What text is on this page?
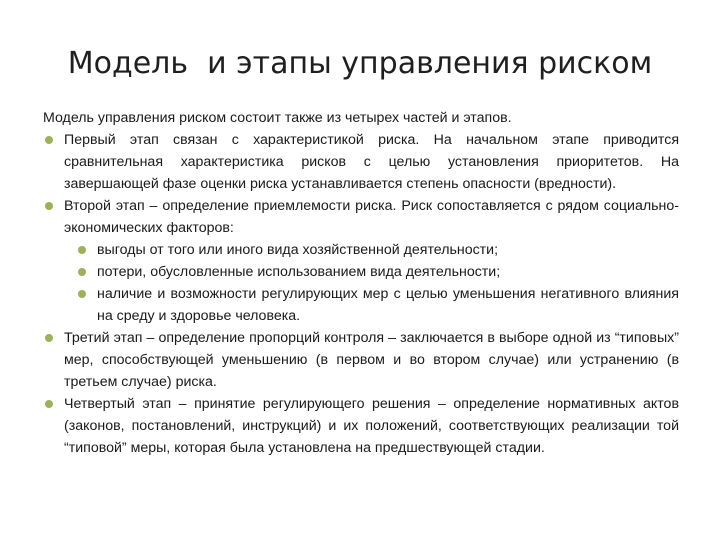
Модель  и этапы управления риском

Модель управления риском состоит также из четырех частей и этапов.

Первый этап связан с характеристикой риска. На начальном этапе приводится сравнительная характеристика рисков с целью установления приоритетов. На завершающей фазе оценки риска устанавливается степень опасности (вредности).
Второй этап – определение приемлемости риска. Риск сопоставляется с рядом социально-экономических факторов:
выгоды от того или иного вида хозяйственной деятельности;
потери, обусловленные использованием вида деятельности;
наличие и возможности регулирующих мер с целью уменьшения негативного влияния на среду и здоровье человека.
Третий этап – определение пропорций контроля – заключается в выборе одной из “типовых” мер, способствующей уменьшению (в первом и во втором случае) или устранению (в третьем случае) риска.
Четвертый этап – принятие регулирующего решения – определение нормативных актов (законов, постановлений, инструкций) и их положений, соответствующих реализации той “типовой” меры, которая была установлена на предшествующей стадии.
